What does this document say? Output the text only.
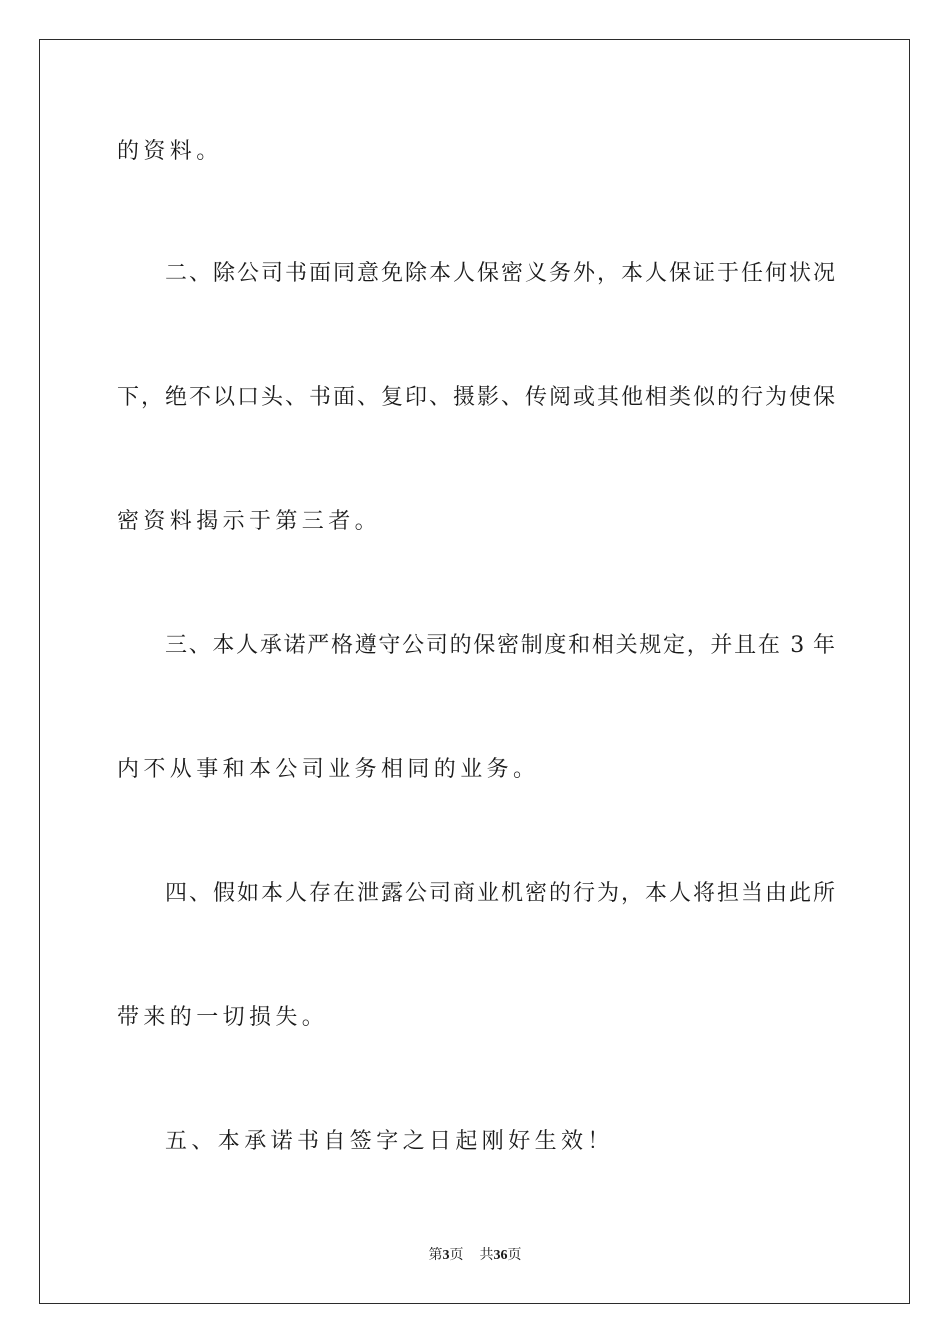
的资料。
二、除公司书面同意免除本人保密义务外，本人保证于任何状况
下，绝不以口头、书面、复印、摄影、传阅或其他相类似的行为使保
密资料揭示于第三者。
三、本人承诺严格遵守公司的保密制度和相关规定，并且在 3 年
内不从事和本公司业务相同的业务。
四、假如本人存在泄露公司商业机密的行为，本人将担当由此所
带来的一切损失。
五、本承诺书自签字之日起刚好生效！
第3页 共36页
